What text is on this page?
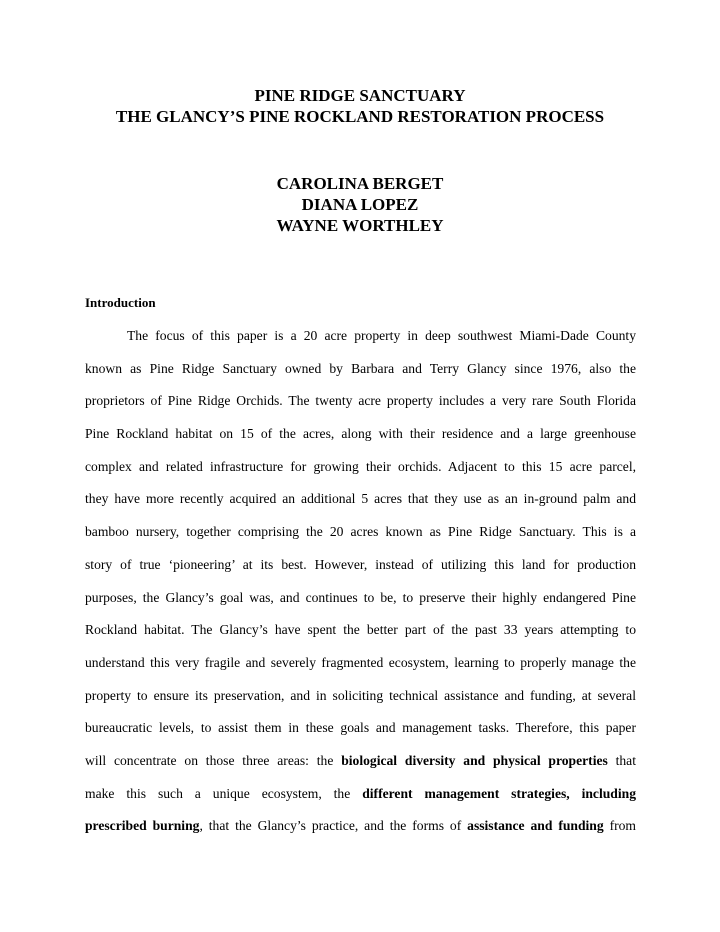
PINE RIDGE SANCTUARY
THE GLANCY’S PINE ROCKLAND RESTORATION PROCESS
CAROLINA BERGET
DIANA LOPEZ
WAYNE WORTHLEY
Introduction
The focus of this paper is a 20 acre property in deep southwest Miami-Dade County
known as Pine Ridge Sanctuary owned by Barbara and Terry Glancy since 1976, also the
proprietors of Pine Ridge Orchids. The twenty acre property includes a very rare South Florida
Pine Rockland habitat on 15 of the acres, along with their residence and a large greenhouse
complex and related infrastructure for growing their orchids. Adjacent to this 15 acre parcel,
they have more recently acquired an additional 5 acres that they use as an in-ground palm and
bamboo nursery, together comprising the 20 acres known as Pine Ridge Sanctuary. This is a
story of true ‘pioneering’ at its best. However, instead of utilizing this land for production
purposes, the Glancy’s goal was, and continues to be, to preserve their highly endangered Pine
Rockland habitat. The Glancy’s have spent the better part of the past 33 years attempting to
understand this very fragile and severely fragmented ecosystem, learning to properly manage the
property to ensure its preservation, and in soliciting technical assistance and funding, at several
bureaucratic levels, to assist them in these goals and management tasks. Therefore, this paper
will concentrate on those three areas: the biological diversity and physical properties that
make this such a unique ecosystem, the different management strategies, including
prescribed burning, that the Glancy’s practice, and the forms of assistance and funding from
